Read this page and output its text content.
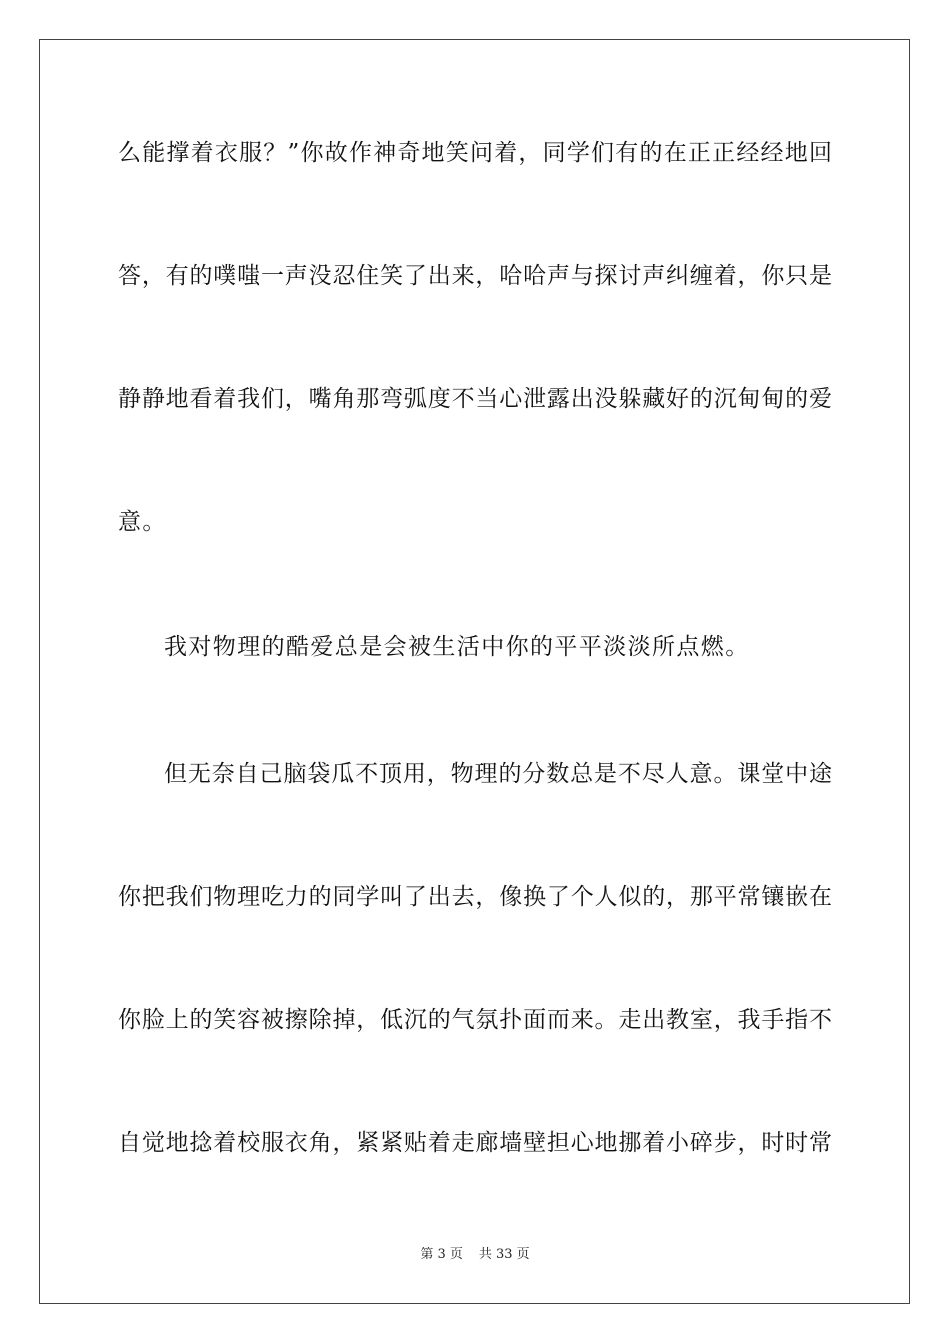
么能撑着衣服？”你故作神奇地笑问着，同学们有的在正正经经地回
答，有的噗嗤一声没忍住笑了出来，哈哈声与探讨声纠缠着，你只是
静静地看着我们，嘴角那弯弧度不当心泄露出没躲藏好的沉甸甸的爱
意。
我对物理的酷爱总是会被生活中你的平平淡淡所点燃。
但无奈自己脑袋瓜不顶用，物理的分数总是不尽人意。课堂中途
你把我们物理吃力的同学叫了出去，像换了个人似的，那平常镶嵌在
你脸上的笑容被擦除掉，低沉的气氛扑面而来。走出教室，我手指不
自觉地捻着校服衣角，紧紧贴着走廊墙壁担心地挪着小碎步，时时常
第 3 页 共 33 页
